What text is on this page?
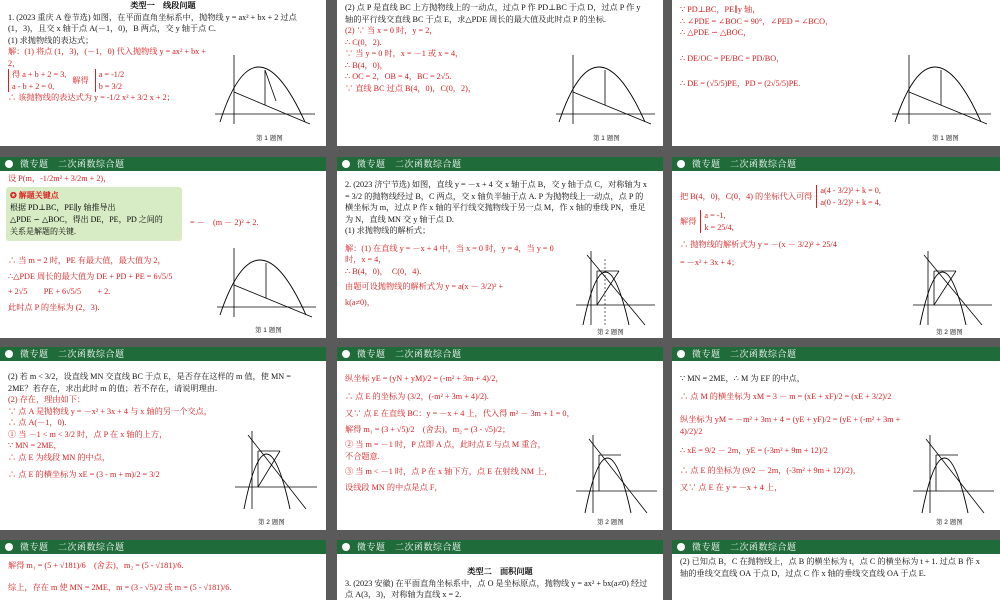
类型一　线段问题
1. (2023 重庆 A 卷节选) 如图，在平面直角坐标系中，抛物线 y = ax² + bx + 2 过点 (1，3)，且交 x 轴于点 A(－1，0)，B 两点，交 y 轴于点 C.
(1) 求抛物线的表达式；
解：(1) 将点 (1，3)，(－1，0) 代入抛物线 y = ax² + bx + 2，
得 a + b + 2 = 3,
a - b + 2 = 0,
解得
a = -1/2
b = 3/2
∴ 该抛物线的表达式为 y = -1/2 x² + 3/2 x + 2；
第 1 题图
(2) 点 P 是直线 BC 上方抛物线上的一动点，过点 P 作 PD⊥BC 于点 D，过点 P 作 y 轴的平行线交直线 BC 于点 E，求△PDE 周长的最大值及此时点 P 的坐标.
(2) ∵ 当 x = 0 时，y = 2，
∴ C(0，2).
∵ 当 y = 0 时，x = －1 或 x = 4，
∴ B(4，0)，
∴ OC = 2，OB = 4，BC = 2√5.
∵ 直线 BC 过点 B(4，0)，C(0，2)，
第 1 题图
∵ PD⊥BC，PE∥y 轴，
∴ ∠PDE = ∠BOC = 90°，∠PED = ∠BCO，
∴ △PDE ∽ △BOC，
∴ DE/OC = PE/BC = PD/BO，
∴ DE = (√5/5)PE，PD = (2√5/5)PE.
第 1 题图
微专题　二次函数综合题
设 P(m，-1/2m² + 3/2m + 2)，
✪ 解题关键点
根据 PD⊥BC，PE∥y 轴推导出
△PDE ∽ △BOC，得出 DE，PE，PD 之间的
关系是解题的关键.
= －　(m － 2)² + 2.
∴ 当 m = 2 时，PE 有最大值，最大值为 2，
∴△PDE 周长的最大值为 DE + PD + PE = 6√5/5
+ 2√5　　PE + 6√5/5　　+ 2.
此时点 P 的坐标为 (2，3).
第 1 题图
微专题　二次函数综合题
2. (2023 济宁节选) 如图，直线 y = －x + 4 交 x 轴于点 B，交 y 轴于点 C，对称轴为 x = 3/2 的抛物线经过 B，C 两点，交 x 轴负半轴于点 A. P 为抛物线上一动点，点 P 的横坐标为 m，过点 P 作 x 轴的平行线交抛物线于另一点 M，作 x 轴的垂线 PN，垂足为 N，直线 MN 交 y 轴于点 D.
(1) 求抛物线的解析式；
解：(1) 在直线 y = －x + 4 中，当 x = 0 时，y = 4，当 y = 0 时，x = 4，
∴ B(4，0)，　C(0，4).
由题可设抛物线的解析式为 y = a(x － 3/2)² +
k(a≠0)，
第 2 题图
微专题　二次函数综合题
把 B(4，0)，C(0，4) 的坐标代入可得
a(4 - 3/2)² + k = 0,
a(0 - 3/2)² + k = 4,
解得
a = -1,
k = 25/4,
∴ 抛物线的解析式为 y = －(x － 3/2)² + 25/4
= －x² + 3x + 4；
第 2 题图
微专题　二次函数综合题
(2) 若 m < 3/2，设直线 MN 交直线 BC 于点 E，是否存在这样的 m 值，使 MN = 2ME？若存在，求出此时 m 的值；若不存在，请说明理由.
(2) 存在，理由如下：
∵ 点 A 是抛物线 y = －x² + 3x + 4 与 x 轴的另一个交点，
∴ 点 A(－1，0).
① 当 －1 < m < 3/2 时，点 P 在 x 轴的上方，
∵ MN = 2ME，
∴ 点 E 为线段 MN 的中点，
∴ 点 E 的横坐标为 xE = (3 - m + m)/2 = 3/2
第 2 题图
微专题　二次函数综合题
纵坐标 yE = (yN + yM)/2 = (-m² + 3m + 4)/2，
∴ 点 E 的坐标为 (3/2，(-m² + 3m + 4)/2).
又∵ 点 E 在直线 BC：y = －x + 4 上，代入得 m² － 3m + 1 = 0，
解得 m₁ = (3 + √5)/2　(舍去)，m₂ = (3 - √5)/2；
② 当 m = －1 时，P 点即 A 点，此时点 E 与点 M 重合，
不合题意.
③ 当 m < －1 时，点 P 在 x 轴下方，点 E 在射线 NM 上，
设线段 MN 的中点是点 F，
第 2 题图
微专题　二次函数综合题
∵ MN = 2ME，∴ M 为 EF 的中点，
∴ 点 M 的横坐标为 xM = 3 － m = (xE + xF)/2 = (xE + 3/2)/2
纵坐标为 yM = －m² + 3m + 4 = (yE + yF)/2 = (yE + (-m² + 3m + 4)/2)/2
∴ xE = 9/2 － 2m，yE = (-3m² + 9m + 12)/2
∴ 点 E 的坐标为 (9/2 － 2m，(-3m² + 9m + 12)/2)，
又∵ 点 E 在 y = －x + 4 上，
第 2 题图
微专题　二次函数综合题
解得 m₁ = (5 + √181)/6　(舍去)，m₂ = (5 - √181)/6.
综上，存在 m 使 MN = 2ME，m = (3 - √5)/2 或 m = (5 - √181)/6.
微专题　二次函数综合题
类型二　面积问题
3. (2023 安徽) 在平面直角坐标系中，点 O 是坐标原点，抛物线 y = ax² + bx(a≠0) 经过点 A(3，3)，对称轴为直线 x = 2.
微专题　二次函数综合题
(2) 已知点 B，C 在抛物线上，点 B 的横坐标为 t，点 C 的横坐标为 t + 1. 过点 B 作 x 轴的垂线交直线 OA 于点 D，过点 C 作 x 轴的垂线交直线 OA 于点 E.
